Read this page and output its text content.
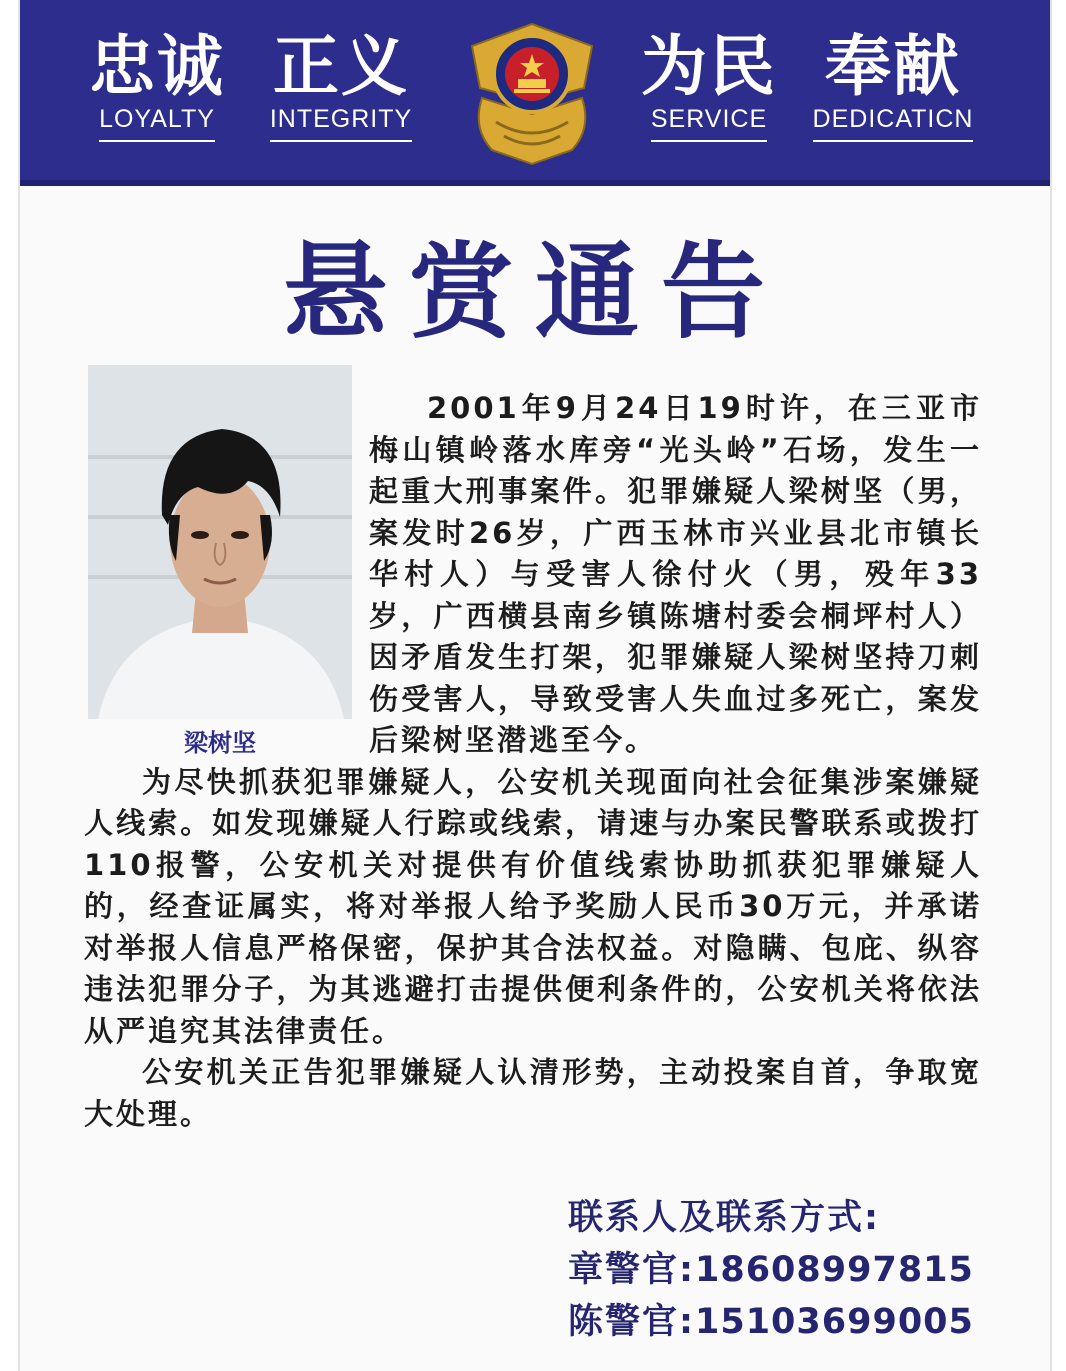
忠诚
LOYALTY
正义
INTEGRITY
为民
SERVICE
奉献
DEDICATICN
悬赏通告
梁树坚

2001年9月24日19时许，在三亚市梅山镇岭落水库旁“光头岭”石场，发生一起重大刑事案件。犯罪嫌疑人梁树坚（男，案发时26岁，广西玉林市兴业县北市镇长华村人）与受害人徐付火（男，殁年33岁，广西横县南乡镇陈塘村委会桐坪村人）因矛盾发生打架，犯罪嫌疑人梁树坚持刀刺伤受害人，导致受害人失血过多死亡，案发后梁树坚潜逃至今。

为尽快抓获犯罪嫌疑人，公安机关现面向社会征集涉案嫌疑人线索。如发现嫌疑人行踪或线索，请速与办案民警联系或拨打110报警，公安机关对提供有价值线索协助抓获犯罪嫌疑人的，经查证属实，将对举报人给予奖励人民币30万元，并承诺对举报人信息严格保密，保护其合法权益。对隐瞒、包庇、纵容违法犯罪分子，为其逃避打击提供便利条件的，公安机关将依法从严追究其法律责任。

公安机关正告犯罪嫌疑人认清形势，主动投案自首，争取宽大处理。

联系人及联系方式:
章警官:18608997815
陈警官:15103699005
